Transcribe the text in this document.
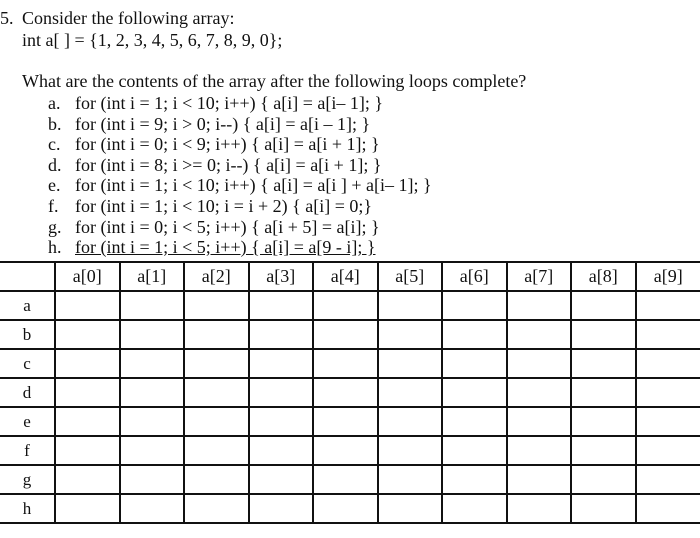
5. Consider the following array:
int a[ ] = {1, 2, 3, 4, 5, 6, 7, 8, 9, 0};
What are the contents of the array after the following loops complete?
a. for (int i = 1; i < 10; i++) { a[i] = a[i– 1]; }
b. for (int i = 9; i > 0; i--) { a[i] = a[i – 1]; }
c. for (int i = 0; i < 9; i++) { a[i] = a[i + 1]; }
d. for (int i = 8; i >= 0; i--) { a[i] = a[i + 1]; }
e. for (int i = 1; i < 10; i++) { a[i] = a[i ] + a[i– 1]; }
f. for (int i = 1; i < 10; i = i + 2) { a[i] = 0;}
g. for (int i = 0; i < 5; i++) { a[i + 5] = a[i]; }
h. for (int i = 1; i < 5; i++) { a[i] = a[9 - i]; }
	a[0]	a[1]	a[2]	a[3]	a[4]	a[5]	a[6]	a[7]	a[8]	a[9]
a										
b										
c										
d										
e										
f										
g										
h										
